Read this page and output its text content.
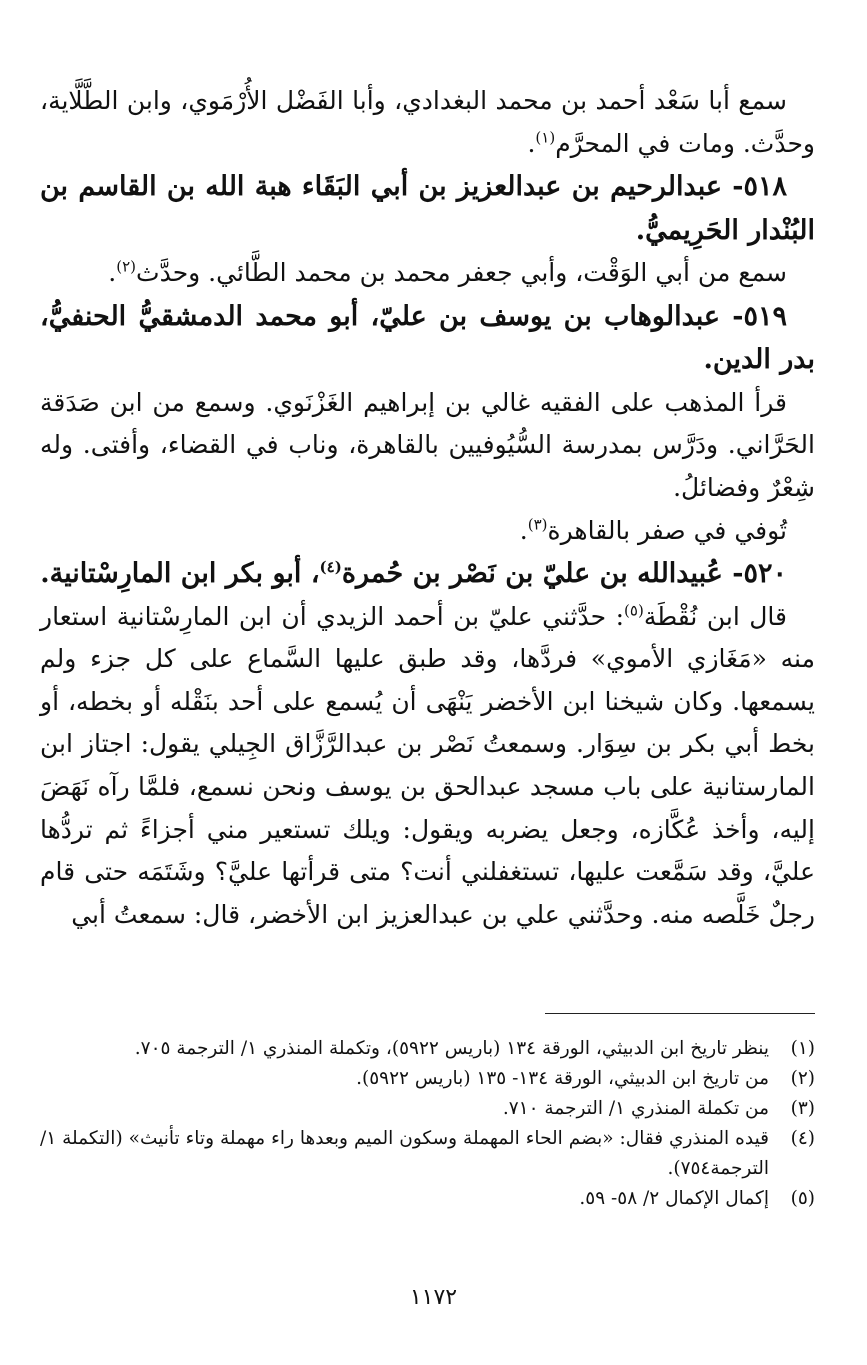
سمع أبا سَعْد أحمد بن محمد البغدادي، وأبا الفَضْل الأُرْمَوي، وابن الطَّلَّاية، وحدَّث. ومات في المحرَّم$^{(١)}$.

٥١٨- عبدالرحيم بن عبدالعزيز بن أبي البَقَاء هبة الله بن القاسم بن البُنْدار الحَرِيميُّ.

سمع من أبي الوَقْت، وأبي جعفر محمد بن محمد الطَّائي. وحدَّث$^{(٢)}$.

٥١٩- عبدالوهاب بن يوسف بن عليّ، أبو محمد الدمشقيُّ الحنفيُّ، بدر الدين.

قرأ المذهب على الفقيه غالي بن إبراهيم الغَزْنَوي. وسمع من ابن صَدَقة الحَرَّاني. ودَرَّس بمدرسة السُّيُوفيين بالقاهرة، وناب في القضاء، وأفتى. وله شِعْرٌ وفضائلُ.

تُوفي في صفر بالقاهرة$^{(٣)}$.

٥٢٠- عُبيدالله بن عليّ بن نَصْر بن حُمرة$^{(٤)}$، أبو بكر ابن المارِسْتانية.

قال ابن نُقْطَة$^{(٥)}$: حدَّثني عليّ بن أحمد الزيدي أن ابن المارِسْتانية استعار منه «مَغَازي الأموي» فردَّها، وقد طبق عليها السَّماع على كل جزء ولم يسمعها. وكان شيخنا ابن الأخضر يَنْهَى أن يُسمع على أحد بنَقْله أو بخطه، أو بخط أبي بكر بن سِوَار. وسمعتُ نَصْر بن عبدالرَّزَّاق الجِيلي يقول: اجتاز ابن المارستانية على باب مسجد عبدالحق بن يوسف ونحن نسمع، فلمَّا رآه نَهَضَ إليه، وأخذ عُكَّازه، وجعل يضربه ويقول: ويلك تستعير مني أجزاءً ثم تردُّها عليَّ، وقد سَمَّعت عليها، تستغفلني أنت؟ متى قرأتها عليَّ؟ وشَتَمَه حتى قام رجلٌ خَلَّصه منه. وحدَّثني علي بن عبدالعزيز ابن الأخضر، قال: سمعتُ أبي

(١)
ينظر تاريخ ابن الدبيثي، الورقة ١٣٤ (باريس ٥٩٢٢)، وتكملة المنذري ١/ الترجمة ٧٠٥.

(٢)
من تاريخ ابن الدبيثي، الورقة ١٣٤- ١٣٥ (باريس ٥٩٢٢).

(٣)
من تكملة المنذري ١/ الترجمة ٧١٠.

(٤)
قيده المنذري فقال: «بضم الحاء المهملة وسكون الميم وبعدها راء مهملة وتاء تأنيث» (التكملة ١/ الترجمة٧٥٤).

(٥)
إكمال الإكمال ٢/ ٥٨- ٥٩.

١١٧٢
